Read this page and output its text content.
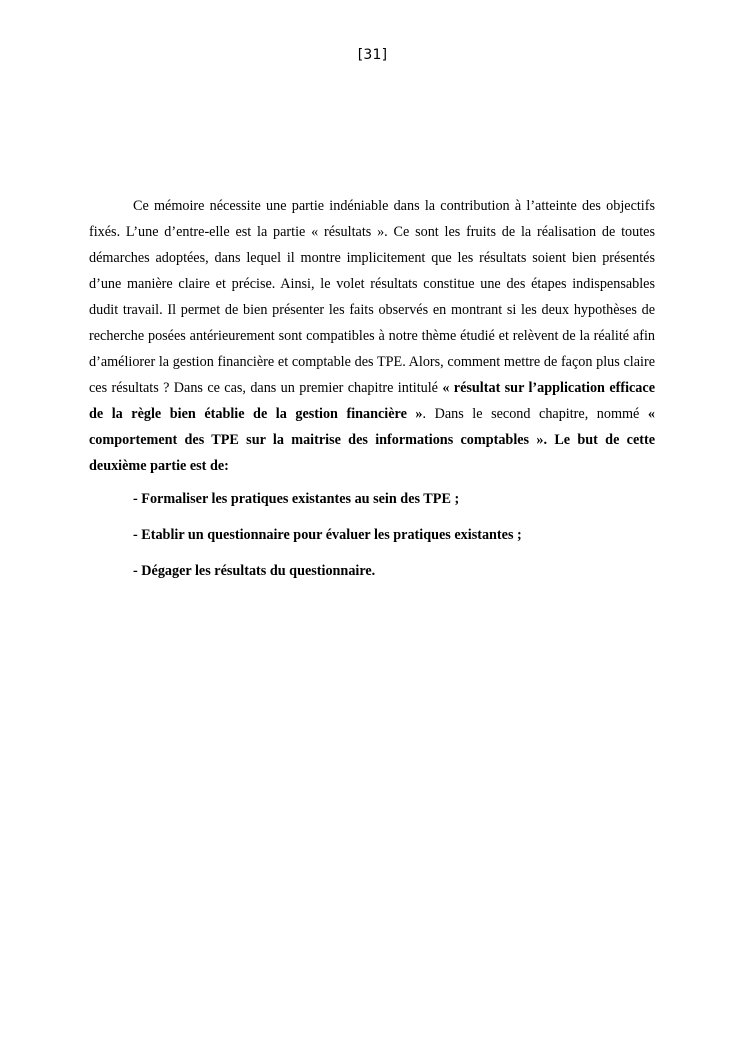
[31]

Ce mémoire nécessite une partie indéniable dans la contribution à l’atteinte des objectifs fixés. L’une d’entre-elle est la partie « résultats ». Ce sont les fruits de la réalisation de toutes démarches adoptées, dans lequel il montre implicitement que les résultats soient bien présentés d’une manière claire et précise. Ainsi, le volet résultats constitue une des étapes indispensables dudit travail. Il permet de bien présenter les faits observés en montrant si les deux hypothèses de recherche posées antérieurement sont compatibles à notre thème étudié et relèvent de la réalité afin d’améliorer la gestion financière et comptable des TPE. Alors, comment mettre de façon plus claire ces résultats ? Dans ce cas, dans un premier chapitre intitulé « résultat sur l’application efficace de la règle bien établie de la gestion financière ». Dans le second chapitre, nommé « comportement des TPE sur la maitrise des informations comptables ». Le but de cette deuxième partie est de:

- Formaliser les pratiques existantes au sein des TPE ;
- Etablir un questionnaire pour évaluer les pratiques existantes ;
- Dégager les résultats du questionnaire.
